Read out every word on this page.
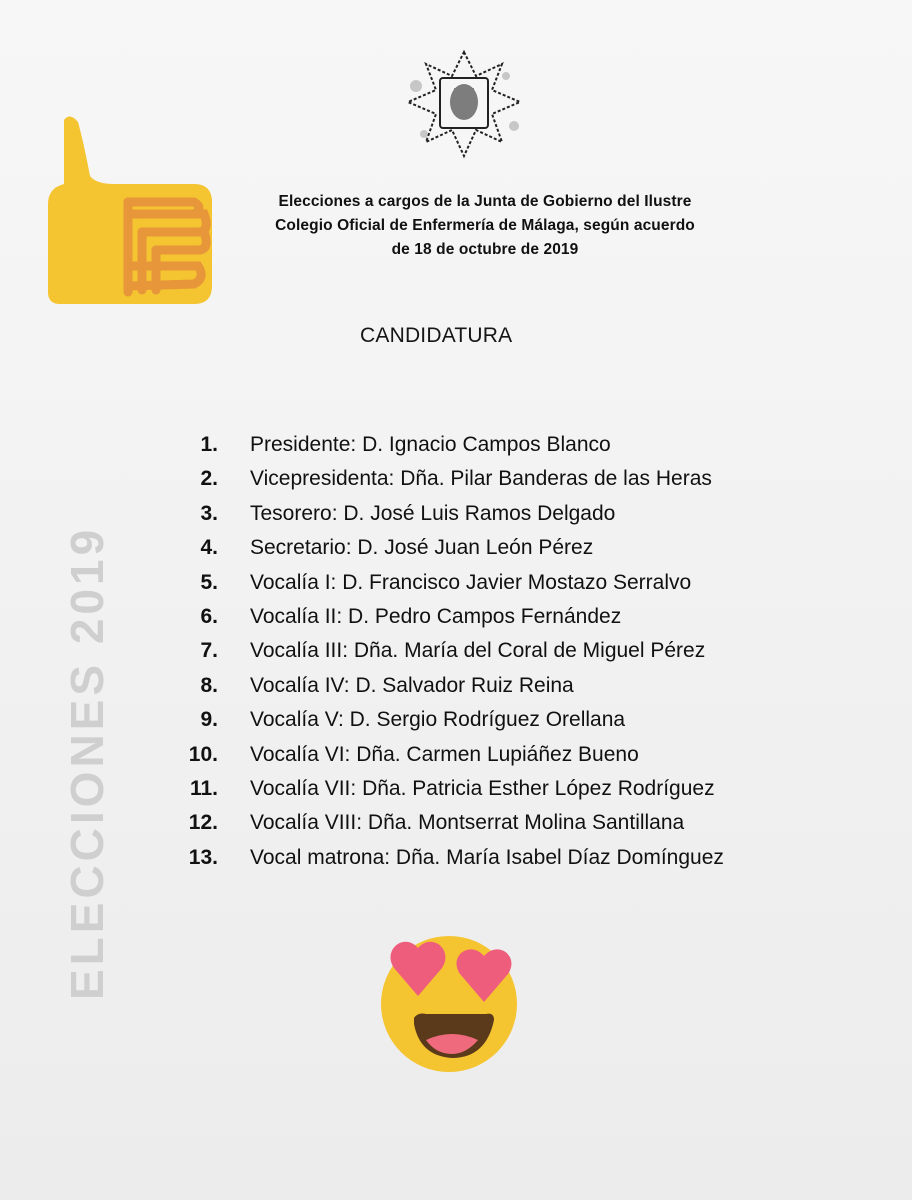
Elecciones a cargos de la Junta de Gobierno del Ilustre
Colegio Oficial de Enfermería de Málaga, según acuerdo
de 18 de octubre de 2019
CANDIDATURA
ELECCIONES 2019
1. Presidente: D. Ignacio Campos Blanco
2. Vicepresidenta: Dña. Pilar Banderas de las Heras
3. Tesorero: D. José Luis Ramos Delgado
4. Secretario: D. José Juan León Pérez
5. Vocalía I: D. Francisco Javier Mostazo Serralvo
6. Vocalía II: D. Pedro Campos Fernández
7. Vocalía III: Dña. María del Coral de Miguel Pérez
8. Vocalía IV: D. Salvador Ruiz Reina
9. Vocalía V: D. Sergio Rodríguez Orellana
10. Vocalía VI: Dña. Carmen Lupiáñez Bueno
11. Vocalía VII: Dña. Patricia Esther López Rodríguez
12. Vocalía VIII: Dña. Montserrat Molina Santillana
13. Vocal matrona: Dña. María Isabel Díaz Domínguez
